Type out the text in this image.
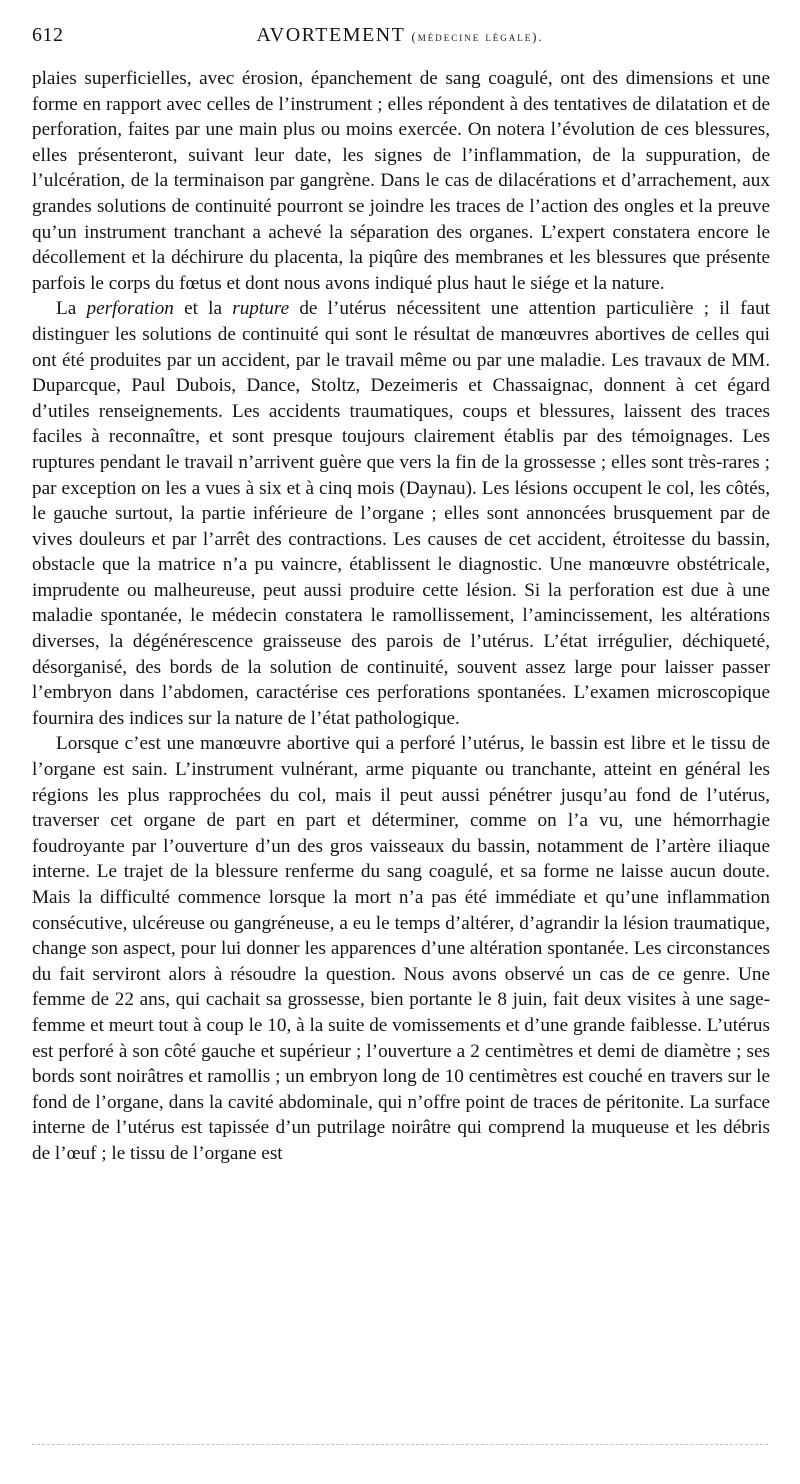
612	AVORTEMENT (médecine légale).

plaies superficielles, avec érosion, épanchement de sang coagulé, ont des dimensions et une forme en rapport avec celles de l’instrument ; elles répondent à des tentatives de dilatation et de perforation, faites par une main plus ou moins exercée. On notera l’évolution de ces blessures, elles présenteront, suivant leur date, les signes de l’inflammation, de la suppuration, de l’ulcération, de la terminaison par gangrène. Dans le cas de dilacérations et d’arrachement, aux grandes solutions de continuité pourront se joindre les traces de l’action des ongles et la preuve qu’un instrument tranchant a achevé la séparation des organes. L’expert constatera encore le décollement et la déchirure du placenta, la piqûre des membranes et les blessures que présente parfois le corps du fœtus et dont nous avons indiqué plus haut le siége et la nature.

La perforation et la rupture de l’utérus nécessitent une attention particulière ; il faut distinguer les solutions de continuité qui sont le résultat de manœuvres abortives de celles qui ont été produites par un accident, par le travail même ou par une maladie. Les travaux de MM. Duparcque, Paul Dubois, Dance, Stoltz, Dezeimeris et Chassaignac, donnent à cet égard d’utiles renseignements. Les accidents traumatiques, coups et blessures, laissent des traces faciles à reconnaître, et sont presque toujours clairement établis par des témoignages. Les ruptures pendant le travail n’arrivent guère que vers la fin de la grossesse ; elles sont très-rares ; par exception on les a vues à six et à cinq mois (Daynau). Les lésions occupent le col, les côtés, le gauche surtout, la partie inférieure de l’organe ; elles sont annoncées brusquement par de vives douleurs et par l’arrêt des contractions. Les causes de cet accident, étroitesse du bassin, obstacle que la matrice n’a pu vaincre, établissent le diagnostic. Une manœuvre obstétricale, imprudente ou malheureuse, peut aussi produire cette lésion. Si la perforation est due à une maladie spontanée, le médecin constatera le ramollissement, l’amincissement, les altérations diverses, la dégénérescence graisseuse des parois de l’utérus. L’état irrégulier, déchiqueté, désorganisé, des bords de la solution de continuité, souvent assez large pour laisser passer l’embryon dans l’abdomen, caractérise ces perforations spontanées. L’examen microscopique fournira des indices sur la nature de l’état pathologique.

Lorsque c’est une manœuvre abortive qui a perforé l’utérus, le bassin est libre et le tissu de l’organe est sain. L’instrument vulnérant, arme piquante ou tranchante, atteint en général les régions les plus rapprochées du col, mais il peut aussi pénétrer jusqu’au fond de l’utérus, traverser cet organe de part en part et déterminer, comme on l’a vu, une hémorrhagie foudroyante par l’ouverture d’un des gros vaisseaux du bassin, notamment de l’artère iliaque interne. Le trajet de la blessure renferme du sang coagulé, et sa forme ne laisse aucun doute. Mais la difficulté commence lorsque la mort n’a pas été immédiate et qu’une inflammation consécutive, ulcéreuse ou gangréneuse, a eu le temps d’altérer, d’agrandir la lésion traumatique, change son aspect, pour lui donner les apparences d’une altération spontanée. Les circonstances du fait serviront alors à résoudre la question. Nous avons observé un cas de ce genre. Une femme de 22 ans, qui cachait sa grossesse, bien portante le 8 juin, fait deux visites à une sage-femme et meurt tout à coup le 10, à la suite de vomissements et d’une grande faiblesse. L’utérus est perforé à son côté gauche et supérieur ; l’ouverture a 2 centimètres et demi de diamètre ; ses bords sont noirâtres et ramollis ; un embryon long de 10 centimètres est couché en travers sur le fond de l’organe, dans la cavité abdominale, qui n’offre point de traces de péritonite. La surface interne de l’utérus est tapissée d’un putrilage noirâtre qui comprend la muqueuse et les débris de l’œuf ; le tissu de l’organe est
